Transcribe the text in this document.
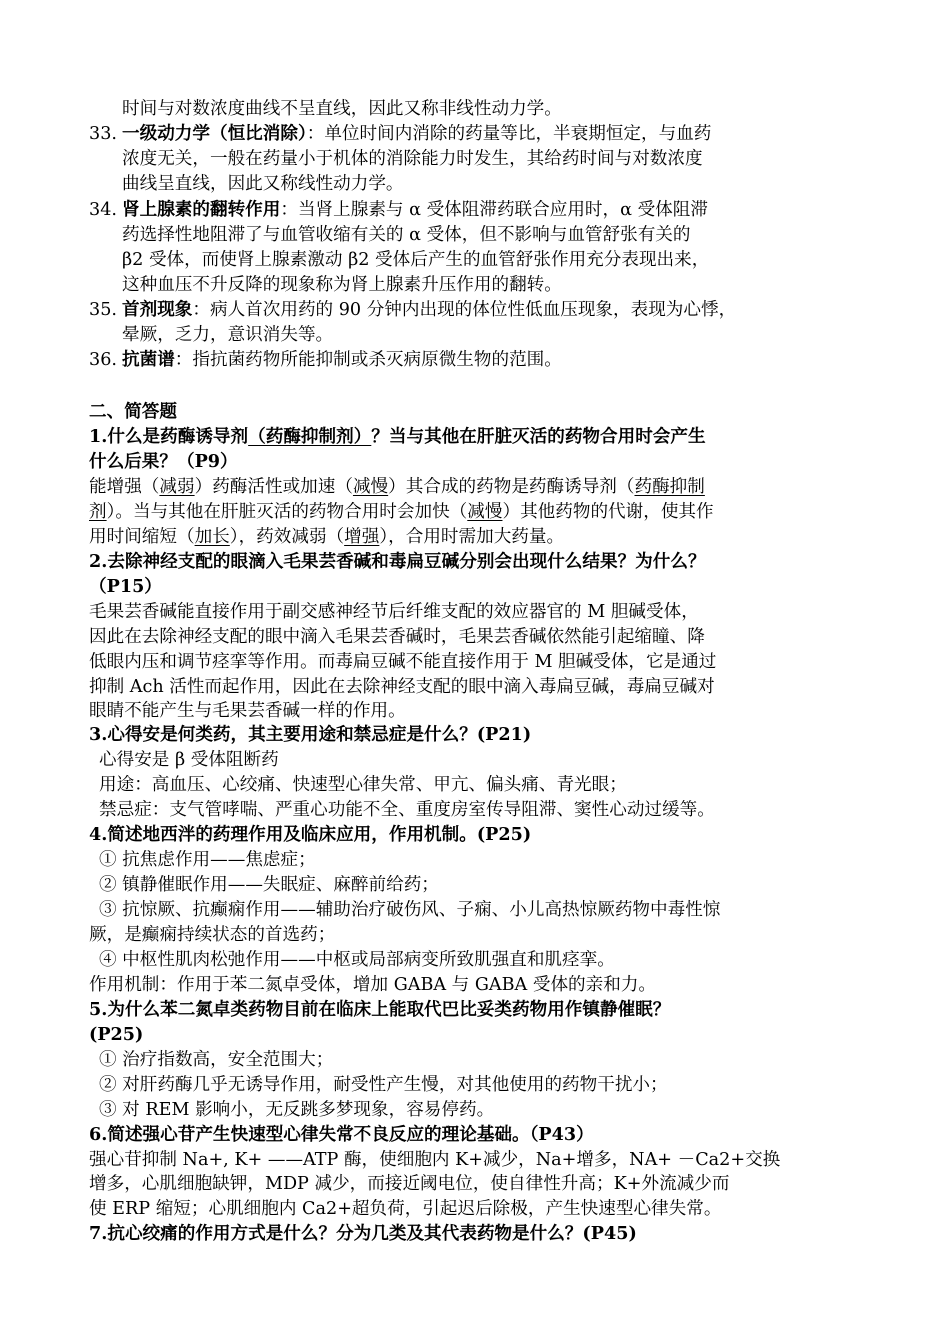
时间与对数浓度曲线不呈直线，因此又称非线性动力学。
33. 一级动力学（恒比消除）：单位时间内消除的药量等比，半衰期恒定，与血药
浓度无关，一般在药量小于机体的消除能力时发生，其给药时间与对数浓度
曲线呈直线，因此又称线性动力学。
34. 肾上腺素的翻转作用：当肾上腺素与 α 受体阻滞药联合应用时，α 受体阻滞
药选择性地阻滞了与血管收缩有关的 α 受体，但不影响与血管舒张有关的
β2 受体，而使肾上腺素激动 β2 受体后产生的血管舒张作用充分表现出来，
这种血压不升反降的现象称为肾上腺素升压作用的翻转。
35. 首剂现象：病人首次用药的 90 分钟内出现的体位性低血压现象，表现为心悸，
晕厥，乏力，意识消失等。
36. 抗菌谱：指抗菌药物所能抑制或杀灭病原微生物的范围。
二、简答题
1.什么是药酶诱导剂（药酶抑制剂）？当与其他在肝脏灭活的药物合用时会产生
什么后果？（P9）
能增强（减弱）药酶活性或加速（减慢）其合成的药物是药酶诱导剂（药酶抑制
剂）。当与其他在肝脏灭活的药物合用时会加快（减慢）其他药物的代谢，使其作
用时间缩短（加长），药效减弱（增强），合用时需加大药量。
2.去除神经支配的眼滴入毛果芸香碱和毒扁豆碱分别会出现什么结果？为什么？
（P15）
毛果芸香碱能直接作用于副交感神经节后纤维支配的效应器官的 M 胆碱受体，
因此在去除神经支配的眼中滴入毛果芸香碱时，毛果芸香碱依然能引起缩瞳、降
低眼内压和调节痉挛等作用。而毒扁豆碱不能直接作用于 M 胆碱受体，它是通过
抑制 Ach 活性而起作用，因此在去除神经支配的眼中滴入毒扁豆碱，毒扁豆碱对
眼睛不能产生与毛果芸香碱一样的作用。
3.心得安是何类药，其主要用途和禁忌症是什么？(P21)
心得安是 β 受体阻断药
用途：高血压、心绞痛、快速型心律失常、甲亢、偏头痛、青光眼；
禁忌症：支气管哮喘、严重心功能不全、重度房室传导阻滞、窦性心动过缓等。
4.简述地西泮的药理作用及临床应用，作用机制。(P25)
① 抗焦虑作用——焦虑症；
② 镇静催眠作用——失眠症、麻醉前给药；
③ 抗惊厥、抗癫痫作用——辅助治疗破伤风、子痫、小儿高热惊厥药物中毒性惊
厥，是癫痫持续状态的首选药；
④ 中枢性肌肉松弛作用——中枢或局部病变所致肌强直和肌痉挛。
作用机制：作用于苯二氮卓受体，增加 GABA 与 GABA 受体的亲和力。
5.为什么苯二氮卓类药物目前在临床上能取代巴比妥类药物用作镇静催眠？
(P25)
① 治疗指数高，安全范围大；
② 对肝药酶几乎无诱导作用，耐受性产生慢，对其他使用的药物干扰小；
③ 对 REM 影响小，无反跳多梦现象，容易停药。
6.简述强心苷产生快速型心律失常不良反应的理论基础。（P43）
强心苷抑制 Na+, K+ ——ATP 酶，使细胞内 K+减少，Na+增多，NA+ －Ca2+交换
增多，心肌细胞缺钾，MDP 减少，而接近阈电位，使自律性升高；K+外流减少而
使 ERP 缩短；心肌细胞内 Ca2+超负荷，引起迟后除极，产生快速型心律失常。
7.抗心绞痛的作用方式是什么？分为几类及其代表药物是什么？(P45)
